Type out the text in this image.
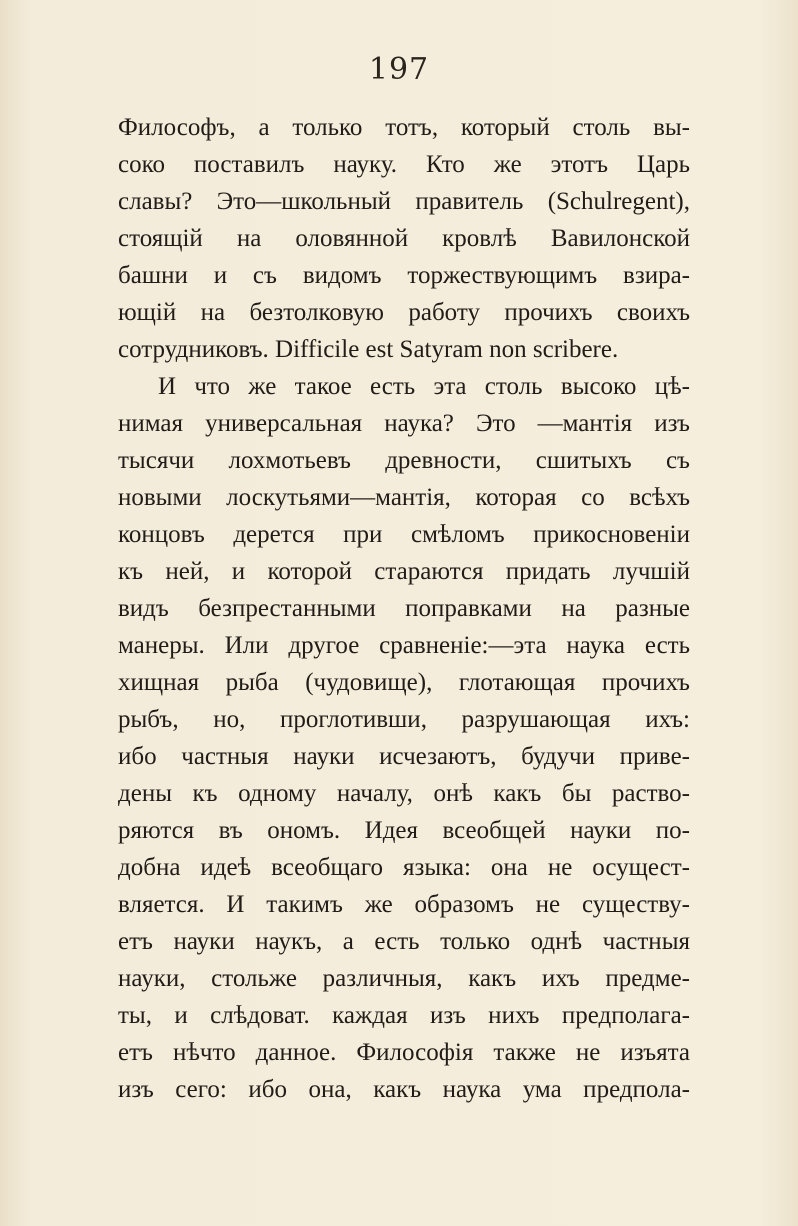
197
Философъ, а только тотъ, который столь вы-
соко поставилъ науку. Кто же этотъ Царь
славы? Это—школьный правитель (Schulregent),
стоящій на оловянной кровлѣ Вавилонской
башни и съ видомъ торжествующимъ взира-
ющій на безтолковую работу прочихъ своихъ
сотрудниковъ. Difficile est Satyram non scribere.
И что же такое есть эта столь высоко цѣ-
нимая универсальная наука? Это —мантія изъ
тысячи лохмотьевъ древности, сшитыхъ съ
новыми лоскутьями—мантія, которая со всѣхъ
концовъ дерется при смѣломъ прикосновеніи
къ ней, и которой стараются придать лучшій
видъ безпрестанными поправками на разные
манеры. Или другое сравненіе:—эта наука есть
хищная рыба (чудовище), глотающая прочихъ
рыбъ, но, проглотивши, разрушающая ихъ:
ибо частныя науки исчезаютъ, будучи приве-
дены къ одному началу, онѣ какъ бы раство-
ряются въ ономъ. Идея всеобщей науки по-
добна идеѣ всеобщаго языка: она не осущест-
вляется. И такимъ же образомъ не существу-
етъ науки наукъ, а есть только однѣ частныя
науки, стольже различныя, какъ ихъ предме-
ты, и слѣдоват. каждая изъ нихъ предполага-
етъ нѣчто данное. Философія также не изъята
изъ сего: ибо она, какъ наука ума предпола-
